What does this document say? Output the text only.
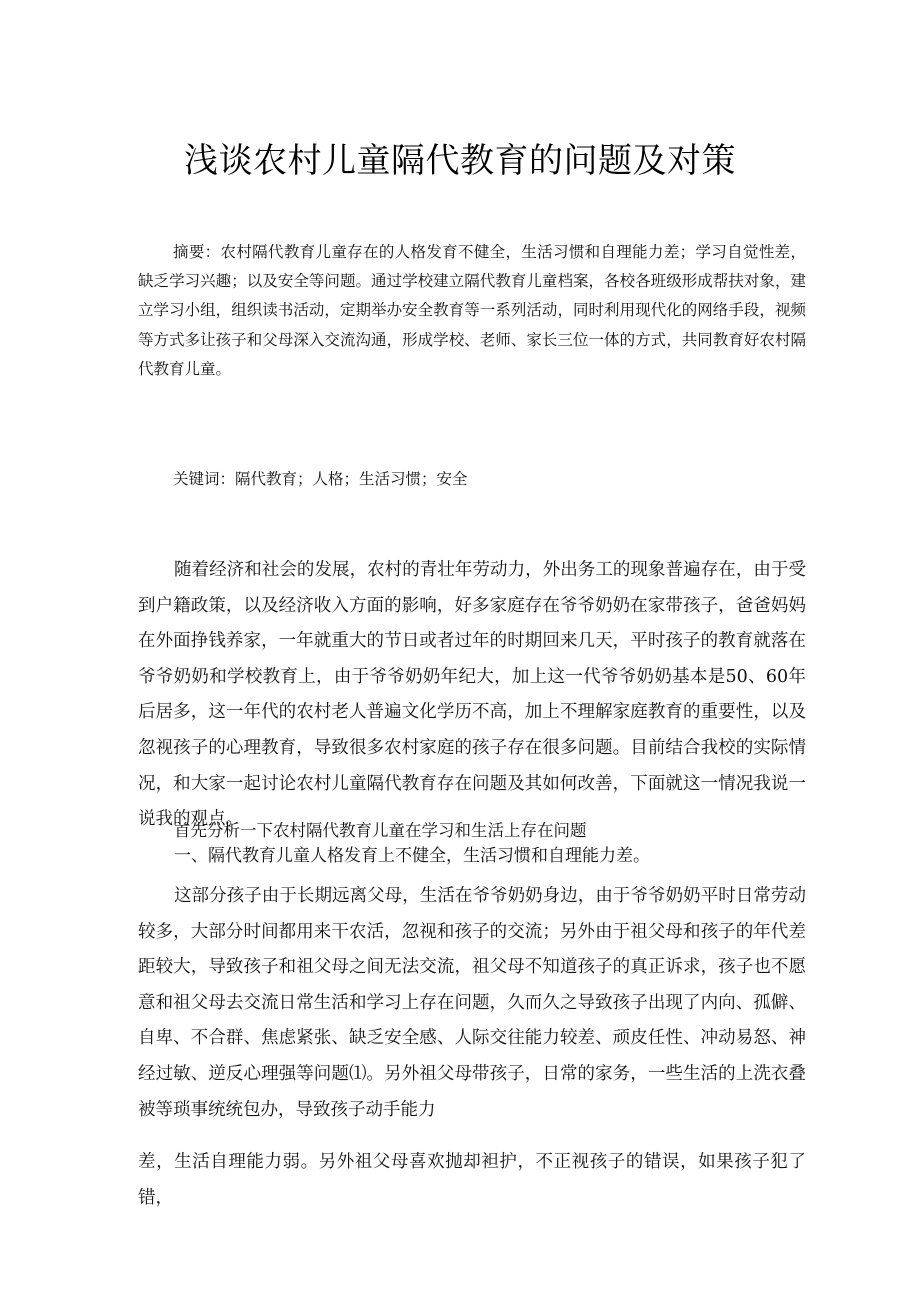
浅谈农村儿童隔代教育的问题及对策
摘要：农村隔代教育儿童存在的人格发育不健全，生活习惯和自理能力差；学习自觉性差，缺乏学习兴趣；以及安全等问题。通过学校建立隔代教育儿童档案，各校各班级形成帮扶对象，建立学习小组，组织读书活动，定期举办安全教育等一系列活动，同时利用现代化的网络手段，视频等方式多让孩子和父母深入交流沟通，形成学校、老师、家长三位一体的方式，共同教育好农村隔代教育儿童。
关键词：隔代教育；人格；生活习惯；安全
随着经济和社会的发展，农村的青壮年劳动力，外出务工的现象普遍存在，由于受到户籍政策，以及经济收入方面的影响，好多家庭存在爷爷奶奶在家带孩子，爸爸妈妈在外面挣钱养家，一年就重大的节日或者过年的时期回来几天，平时孩子的教育就落在爷爷奶奶和学校教育上，由于爷爷奶奶年纪大，加上这一代爷爷奶奶基本是50、60年后居多，这一年代的农村老人普遍文化学历不高，加上不理解家庭教育的重要性，以及忽视孩子的心理教育，导致很多农村家庭的孩子存在很多问题。目前结合我校的实际情况，和大家一起讨论农村儿童隔代教育存在问题及其如何改善，下面就这一情况我说一说我的观点。
首先分析一下农村隔代教育儿童在学习和生活上存在问题
一、隔代教育儿童人格发育上不健全，生活习惯和自理能力差。
这部分孩子由于长期远离父母，生活在爷爷奶奶身边，由于爷爷奶奶平时日常劳动较多，大部分时间都用来干农活，忽视和孩子的交流；另外由于祖父母和孩子的年代差距较大，导致孩子和祖父母之间无法交流，祖父母不知道孩子的真正诉求，孩子也不愿意和祖父母去交流日常生活和学习上存在问题，久而久之导致孩子出现了内向、孤僻、自卑、不合群、焦虑紧张、缺乏安全感、人际交往能力较差、顽皮任性、冲动易怒、神经过敏、逆反心理强等问题⑴。另外祖父母带孩子，日常的家务，一些生活的上洗衣叠被等琐事统统包办，导致孩子动手能力
差，生活自理能力弱。另外祖父母喜欢抛却袒护，不正视孩子的错误，如果孩子犯了错，
